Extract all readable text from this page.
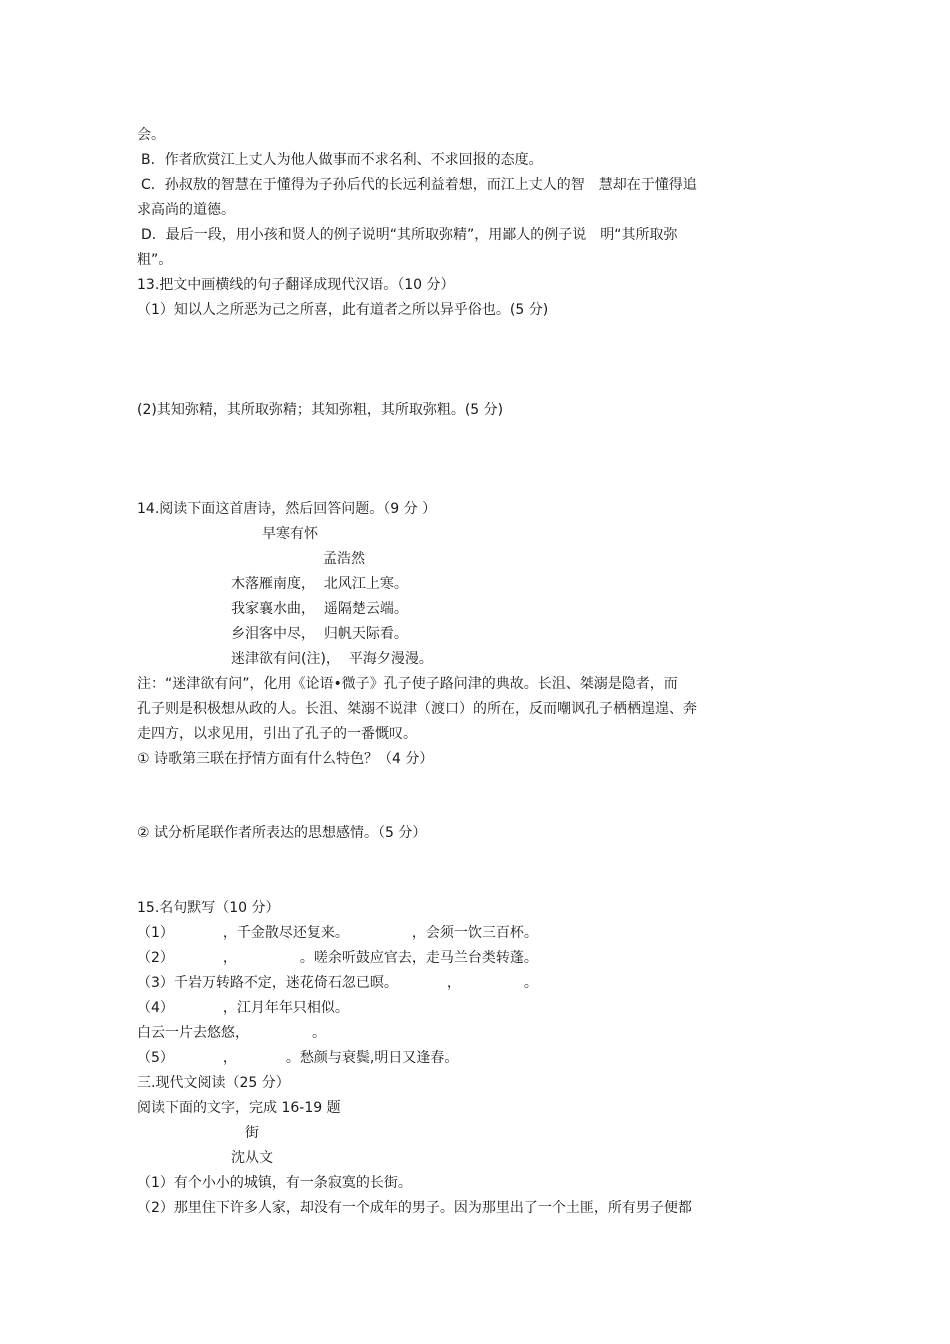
会。
B．作者欣赏江上丈人为他人做事而不求名利、不求回报的态度。
C．孙叔敖的智慧在于懂得为子孙后代的长远利益着想，而江上丈人的智　慧却在于懂得追
求高尚的道德。
D．最后一段，用小孩和贤人的例子说明“其所取弥精”，用鄙人的例子说　明“其所取弥
粗”。
13.把文中画横线的句子翻译成现代汉语。（10 分）
（1）知以人之所恶为己之所喜，此有道者之所以异乎俗也。(5 分)
(2)其知弥精，其所取弥精；其知弥粗，其所取弥粗。(5 分)
14.阅读下面这首唐诗，然后回答问题。（9 分 ）
早寒有怀
孟浩然
木落雁南度，  北风江上寒。
我家襄水曲，  遥隔楚云端。
乡泪客中尽，  归帆天际看。
迷津欲有问(注)，  平海夕漫漫。
注：“迷津欲有问”，化用《论语•微子》孔子使子路问津的典故。长沮、桀溺是隐者，而
孔子则是积极想从政的人。长沮、桀溺不说津（渡口）的所在，反而嘲讽孔子栖栖遑遑、奔
走四方，以求见用，引出了孔子的一番慨叹。
① 诗歌第三联在抒情方面有什么特色？（4 分）
② 试分析尾联作者所表达的思想感情。（5 分）
15.名句默写（10 分）
（1）　　　　，千金散尽还复来。　　　　　，会须一饮三百杯。
（2）　　　　，　　　　　。嗟余听鼓应官去，走马兰台类转蓬。
（3）千岩万转路不定，迷花倚石忽已暝。　　　　，　　　　　。
（4）　　　　，江月年年只相似。
白云一片去悠悠，　　　　　。
（5）　　　　，　　　　。愁颜与衰鬓,明日又逢春。
三.现代文阅读（25 分）
阅读下面的文字，完成 16-19 题
街
沈从文
（1）有个小小的城镇，有一条寂寞的长街。
（2）那里住下许多人家，却没有一个成年的男子。因为那里出了一个土匪，所有男子便都
